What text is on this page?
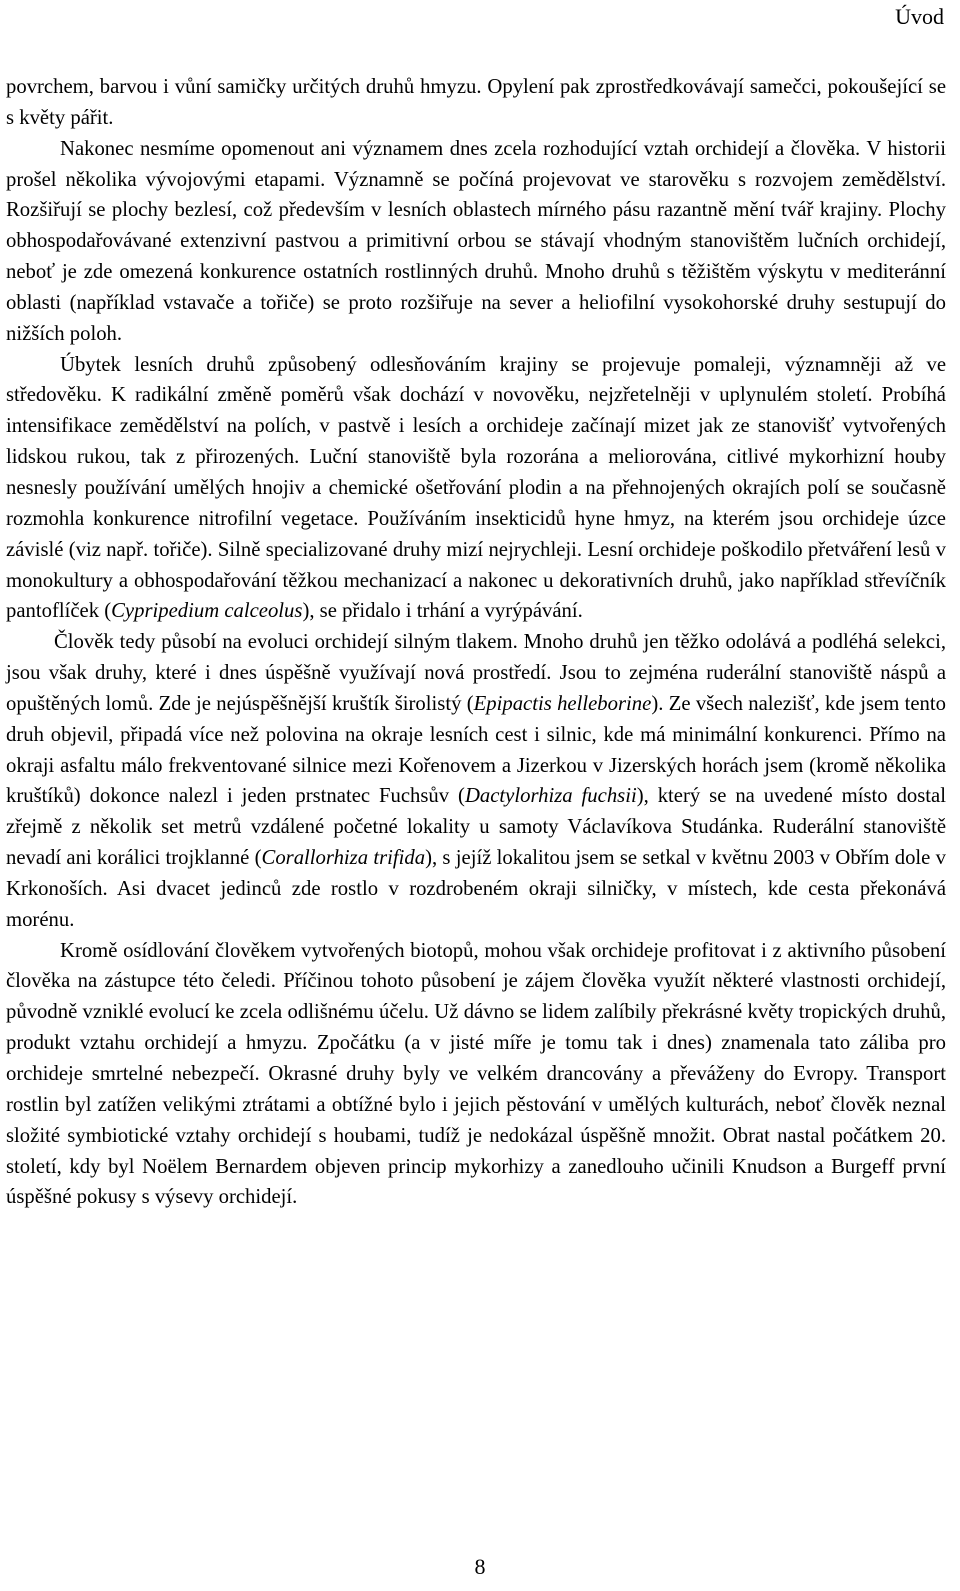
Úvod

povrchem, barvou i vůní samičky určitých druhů hmyzu. Opylení pak zprostředkovávají samečci, pokoušející se s květy pářit.

Nakonec nesmíme opomenout ani významem dnes zcela rozhodující vztah orchidejí a člověka. V historii prošel několika vývojovými etapami. Významně se počíná projevovat ve starověku s rozvojem zemědělství. Rozšiřují se plochy bezlesí, což především v lesních oblastech mírného pásu razantně mění tvář krajiny. Plochy obhospodařovávané extenzivní pastvou a primitivní orbou se stávají vhodným stanovištěm lučních orchidejí, neboť je zde omezená konkurence ostatních rostlinných druhů. Mnoho druhů s těžištěm výskytu v mediteránní oblasti (například vstavače a tořiče) se proto rozšiřuje na sever a heliofilní vysokohorské druhy sestupují do nižších poloh.

Úbytek lesních druhů způsobený odlesňováním krajiny se projevuje pomaleji, významněji až ve středověku. K radikální změně poměrů však dochází v novověku, nejzřetelněji v uplynulém století. Probíhá intensifikace zemědělství na polích, v pastvě i lesích a orchideje začínají mizet jak ze stanovišť vytvořených lidskou rukou, tak z přirozených. Luční stanoviště byla rozorána a meliorována, citlivé mykorhizní houby nesnesly používání umělých hnojiv a chemické ošetřování plodin a na přehnojených okrajích polí se současně rozmohla konkurence nitrofilní vegetace. Používáním insekticidů hyne hmyz, na kterém jsou orchideje úzce závislé (viz např. tořiče). Silně specializované druhy mizí nejrychleji. Lesní orchideje poškodilo přetváření lesů v monokultury a obhospodařování těžkou mechanizací a nakonec u dekorativních druhů, jako například střevíčník pantoflíček (Cypripedium calceolus), se přidalo i trhání a vyrýpávání.

Člověk tedy působí na evoluci orchidejí silným tlakem. Mnoho druhů jen těžko odolává a podléhá selekci, jsou však druhy, které i dnes úspěšně využívají nová prostředí. Jsou to zejména ruderální stanoviště náspů a opuštěných lomů. Zde je nejúspěšnější kruštík širolistý (Epipactis helleborine). Ze všech nalezišť, kde jsem tento druh objevil, připadá více než polovina na okraje lesních cest i silnic, kde má minimální konkurenci. Přímo na okraji asfaltu málo frekventované silnice mezi Kořenovem a Jizerkou v Jizerských horách jsem (kromě několika kruštíků) dokonce nalezl i jeden prstnatec Fuchsův (Dactylorhiza fuchsii), který se na uvedené místo dostal zřejmě z několik set metrů vzdálené početné lokality u samoty Václavíkova Studánka. Ruderální stanoviště nevadí ani korálici trojklanné (Corallorhiza trifida), s jejíž lokalitou jsem se setkal v květnu 2003 v Obřím dole v Krkonoších. Asi dvacet jedinců zde rostlo v rozdrobeném okraji silničky, v místech, kde cesta překonává morénu.

Kromě osídlování člověkem vytvořených biotopů, mohou však orchideje profitovat i z aktivního působení člověka na zástupce této čeledi. Příčinou tohoto působení je zájem člověka využít některé vlastnosti orchidejí, původně vzniklé evolucí ke zcela odlišnému účelu. Už dávno se lidem zalíbily překrásné květy tropických druhů, produkt vztahu orchidejí a hmyzu. Zpočátku (a v jisté míře je tomu tak i dnes) znamenala tato záliba pro orchideje smrtelné nebezpečí. Okrasné druhy byly ve velkém drancovány a převáženy do Evropy. Transport rostlin byl zatížen velikými ztrátami a obtížné bylo i jejich pěstování v umělých kulturách, neboť člověk neznal složité symbiotické vztahy orchidejí s houbami, tudíž je nedokázal úspěšně množit. Obrat nastal počátkem 20. století, kdy byl Noëlem Bernardem objeven princip mykorhizy a zanedlouho učinili Knudson a Burgeff první úspěšné pokusy s výsevy orchidejí.

8
